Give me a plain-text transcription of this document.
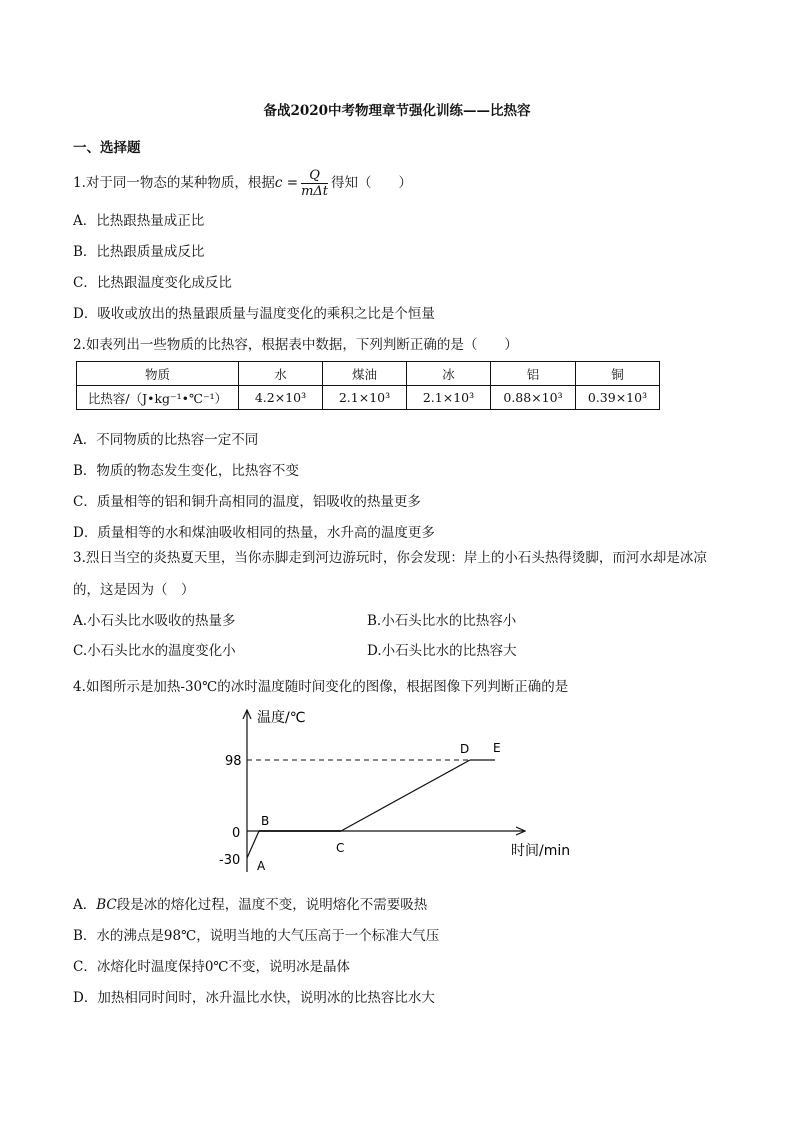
备战2020中考物理章节强化训练——比热容
一、选择题
1.对于同一物态的某种物质，根据$c = \frac{Q}{\text{mΔt}}$ 得知（　　）
A．比热跟热量成正比
B．比热跟质量成反比
C．比热跟温度变化成反比
D．吸收或放出的热量跟质量与温度变化的乘积之比是个恒量
2.如表列出一些物质的比热容，根据表中数据，下列判断正确的是（　　）
物质	水	煤油	冰	铝	铜
比热容/（J•kg⁻¹•℃⁻¹）	4.2×10³	2.1×10³	2.1×10³	0.88×10³	0.39×10³
A．不同物质的比热容一定不同
B．物质的物态发生变化，比热容不变
C．质量相等的铝和铜升高相同的温度，铝吸收的热量更多
D．质量相等的水和煤油吸收相同的热量，水升高的温度更多
3.烈日当空的炎热夏天里，当你赤脚走到河边游玩时，你会发现：岸上的小石头热得烫脚，而河水却是冰凉
的，这是因为（　）
A.小石头比水吸收的热量多	B.小石头比水的比热容小
C.小石头比水的温度变化小	D.小石头比水的比热容大
4.如图所示是加热-30℃的冰时温度随时间变化的图像，根据图像下列判断正确的是
温度/℃
时间/min
98
0
-30 A
B
C
D E
A．BC段是冰的熔化过程，温度不变，说明熔化不需要吸热
B．水的沸点是98℃，说明当地的大气压高于一个标准大气压
C．冰熔化时温度保持0℃不变，说明冰是晶体
D．加热相同时间时，冰升温比水快，说明冰的比热容比水大
